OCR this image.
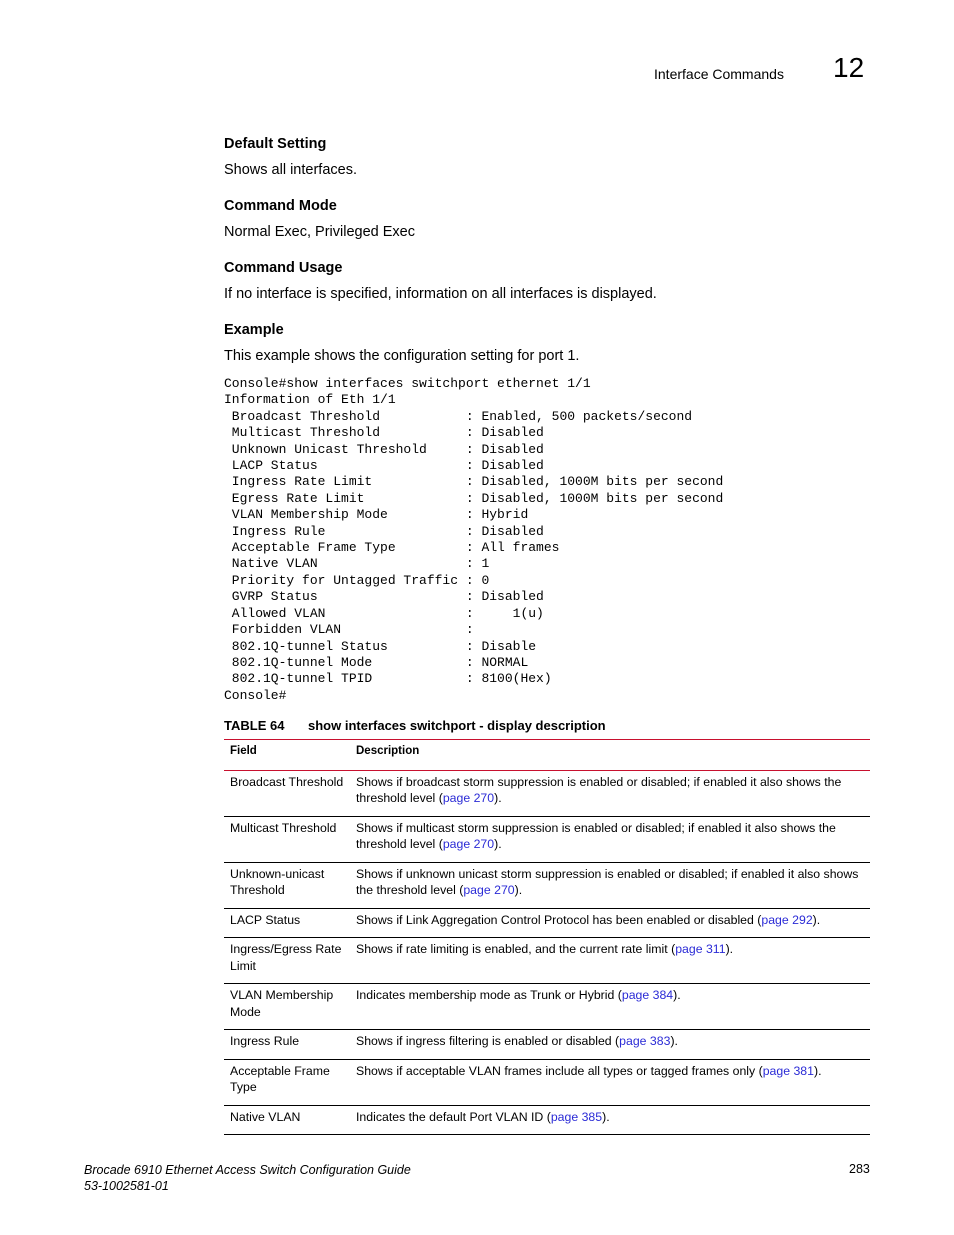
Interface Commands 12
Default Setting

Shows all interfaces.

Command Mode

Normal Exec, Privileged Exec

Command Usage

If no interface is specified, information on all interfaces is displayed.

Example

This example shows the configuration setting for port 1.

Console#show interfaces switchport ethernet 1/1
Information of Eth 1/1
Broadcast Threshold           : Enabled, 500 packets/second
Multicast Threshold           : Disabled
Unknown Unicast Threshold     : Disabled
LACP Status                   : Disabled
Ingress Rate Limit            : Disabled, 1000M bits per second
Egress Rate Limit             : Disabled, 1000M bits per second
VLAN Membership Mode          : Hybrid
Ingress Rule                  : Disabled
Acceptable Frame Type         : All frames
Native VLAN                   : 1
Priority for Untagged Traffic : 0
GVRP Status                   : Disabled
Allowed VLAN                  :     1(u)
Forbidden VLAN                :
802.1Q-tunnel Status          : Disable
802.1Q-tunnel Mode            : NORMAL
802.1Q-tunnel TPID            : 8100(Hex)
Console#
TABLE 64	show interfaces switchport - display description
Field	Description
Broadcast Threshold	Shows if broadcast storm suppression is enabled or disabled; if enabled it also shows the threshold level (page 270).
Multicast Threshold	Shows if multicast storm suppression is enabled or disabled; if enabled it also shows the threshold level (page 270).
Unknown-unicast Threshold	Shows if unknown unicast storm suppression is enabled or disabled; if enabled it also shows the threshold level (page 270).
LACP Status	Shows if Link Aggregation Control Protocol has been enabled or disabled (page 292).
Ingress/Egress Rate Limit	Shows if rate limiting is enabled, and the current rate limit (page 311).
VLAN Membership Mode	Indicates membership mode as Trunk or Hybrid (page 384).
Ingress Rule	Shows if ingress filtering is enabled or disabled (page 383).
Acceptable Frame Type	Shows if acceptable VLAN frames include all types or tagged frames only (page 381).
Native VLAN	Indicates the default Port VLAN ID (page 385).
Brocade 6910 Ethernet Access Switch Configuration Guide
53-1002581-01
283
